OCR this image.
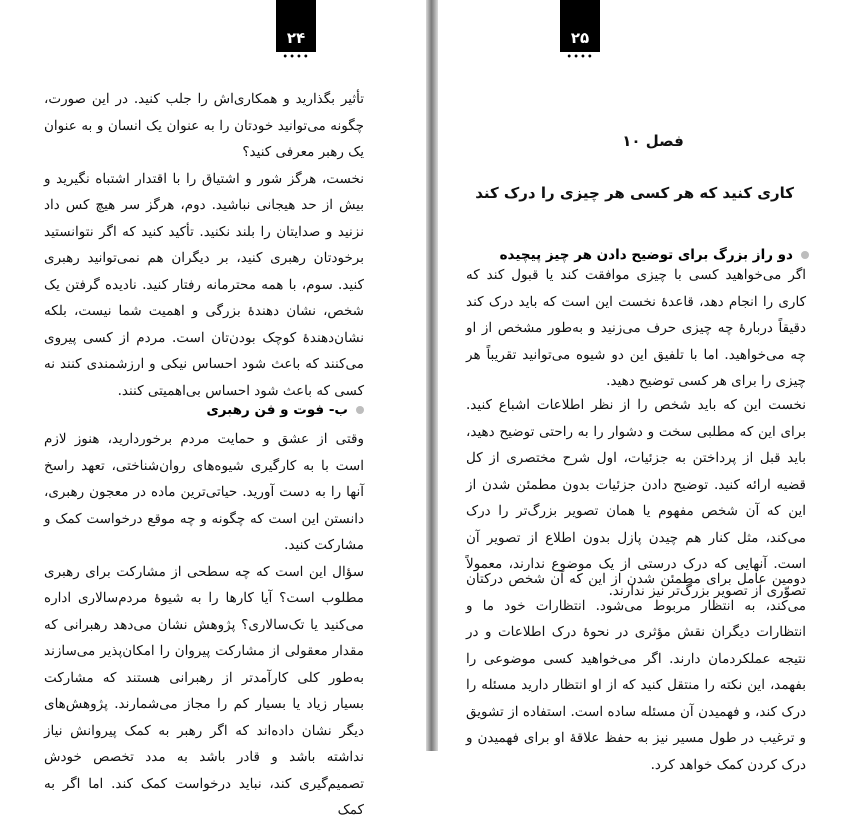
۲۴
••••

تأثیر بگذارید و همکاری‌اش را جلب کنید. در این صورت، چگونه می‌توانید خودتان را به عنوان یک انسان و به عنوان یک رهبر معرفی کنید؟

نخست، هرگز شور و اشتیاق را با اقتدار اشتباه نگیرید و بیش از حد هیجانی نباشید. دوم، هرگز سر هیچ کس داد نزنید و صدایتان را بلند نکنید. تأکید کنید که اگر نتوانستید برخودتان رهبری کنید، بر دیگران هم نمی‌توانید رهبری کنید. سوم، با همه محترمانه رفتار کنید. نادیده گرفتن یک شخص، نشان دهندهٔ بزرگی و اهمیت شما نیست، بلکه نشان‌دهندهٔ کوچک بودن‌تان است. مردم از کسی پیروی می‌کنند که باعث شود احساس نیکی و ارزشمندی کنند نه کسی که باعث شود احساس بی‌اهمیتی کنند.

ب- فوت و فن رهبری

وقتی از عشق و حمایت مردم برخوردارید، هنوز لازم است با به کارگیری شیوه‌های روان‌شناختی، تعهد راسخ آنها را به دست آورید. حیاتی‌ترین ماده در معجون رهبری، دانستن این است که چگونه و چه موقع درخواست کمک و مشارکت کنید.

سؤال این است که چه سطحی از مشارکت برای رهبری مطلوب است؟ آیا کارها را به شیوهٔ مردم‌سالاری اداره می‌کنید یا تک‌سالاری؟ پژوهش نشان می‌دهد رهبرانی که مقدار معقولی از مشارکت پیروان را امکان‌پذیر می‌سازند به‌طور کلی کارآمدتر از رهبرانی هستند که مشارکت بسیار زیاد یا بسیار کم را مجاز می‌شمارند. پژوهش‌های دیگر نشان داده‌اند که اگر رهبر به کمک پیروانش نیاز نداشته باشد و قادر باشد به مدد تخصص خودش تصمیم‌گیری کند، نباید درخواست کمک کند. اما اگر به کمک

۲۵
••••
فصل ۱۰
کاری کنید که هر کسی هر چیزی را درک کند
دو راز بزرگ برای توضیح دادن هر چیز پیچیده

اگر می‌خواهید کسی با چیزی موافقت کند یا قبول کند که کاری را انجام دهد، قاعدهٔ نخست این است که باید درک کند دقیقاً دربارهٔ چه چیزی حرف می‌زنید و به‌طور مشخص از او چه می‌خواهید. اما با تلفیق این دو شیوه می‌توانید تقریباً هر چیزی را برای هر کسی توضیح دهید.

نخست این که باید شخص را از نظر اطلاعات اشباع کنید. برای این که مطلبی سخت و دشوار را به راحتی توضیح دهید، باید قبل از پرداختن به جزئیات، اول شرح مختصری از کل قضیه ارائه کنید. توضیح دادن جزئیات بدون مطمئن شدن از این که آن شخص مفهوم یا همان تصویر بزرگ‌تر را درک می‌کند، مثل کنار هم چیدن پازل بدون اطلاع از تصویر آن است. آنهایی که درک درستی از یک موضوع ندارند، معمولاً تصوّری از تصویر بزرگ‌تر نیز ندارند.

دومین عامل برای مطمئن شدن از این که آن شخص درکتان می‌کند، به انتظار مربوط می‌شود. انتظارات خود ما و انتظارات دیگران نقش مؤثری در نحوهٔ درک اطلاعات و در نتیجه عملکردمان دارند. اگر می‌خواهید کسی موضوعی را بفهمد، این نکته را منتقل کنید که از او انتظار دارید مسئله را درک کند، و فهمیدن آن مسئله ساده است. استفاده از تشویق و ترغیب در طول مسیر نیز به حفظ علاقهٔ او برای فهمیدن و درک کردن کمک خواهد کرد.
